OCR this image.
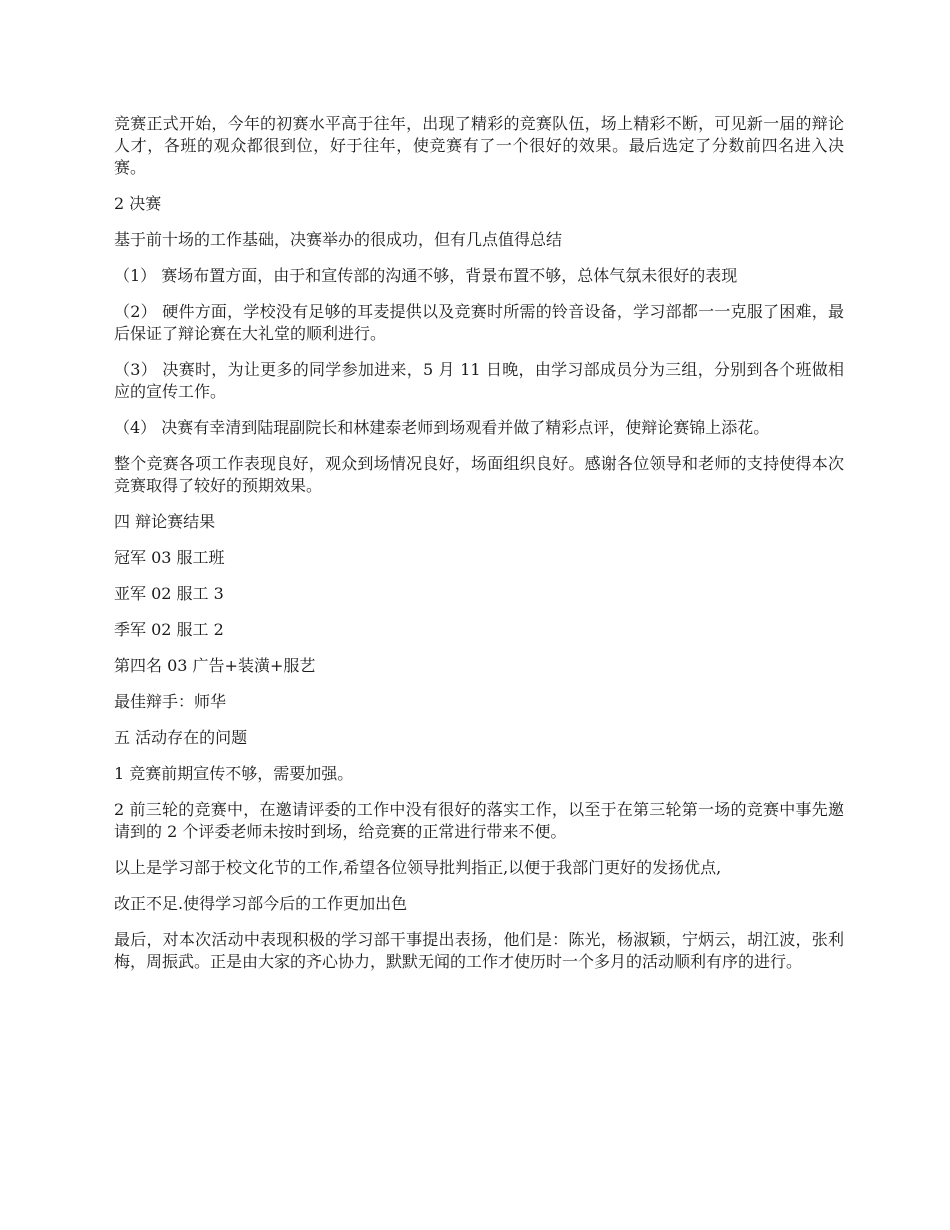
竞赛正式开始，今年的初赛水平高于往年，出现了精彩的竞赛队伍，场上精彩不断，可见新一届的辩论人才，各班的观众都很到位，好于往年，使竞赛有了一个很好的效果。最后选定了分数前四名进入决赛。

2 决赛

基于前十场的工作基础，决赛举办的很成功，但有几点值得总结

（1） 赛场布置方面，由于和宣传部的沟通不够，背景布置不够，总体气氛未很好的表现

（2） 硬件方面，学校没有足够的耳麦提供以及竞赛时所需的铃音设备，学习部都一一克服了困难，最后保证了辩论赛在大礼堂的顺利进行。

（3） 决赛时，为让更多的同学参加进来，5 月 11 日晚，由学习部成员分为三组，分别到各个班做相应的宣传工作。

（4） 决赛有幸清到陆琨副院长和林建泰老师到场观看并做了精彩点评，使辩论赛锦上添花。

整个竞赛各项工作表现良好，观众到场情况良好，场面组织良好。感谢各位领导和老师的支持使得本次竞赛取得了较好的预期效果。

四 辩论赛结果

冠军 03 服工班

亚军 02 服工 3

季军 02 服工 2

第四名 03 广告+装潢+服艺

最佳辩手：师华

五 活动存在的问题

1 竞赛前期宣传不够，需要加强。

2 前三轮的竞赛中，在邀请评委的工作中没有很好的落实工作，以至于在第三轮第一场的竞赛中事先邀请到的 2 个评委老师未按时到场，给竞赛的正常进行带来不便。

以上是学习部于校文化节的工作,希望各位领导批判指正,以便于我部门更好的发扬优点,

改正不足.使得学习部今后的工作更加出色

最后，对本次活动中表现积极的学习部干事提出表扬，他们是：陈光，杨淑颖，宁炳云，胡江波，张利梅，周振武。正是由大家的齐心协力，默默无闻的工作才使历时一个多月的活动顺利有序的进行。
